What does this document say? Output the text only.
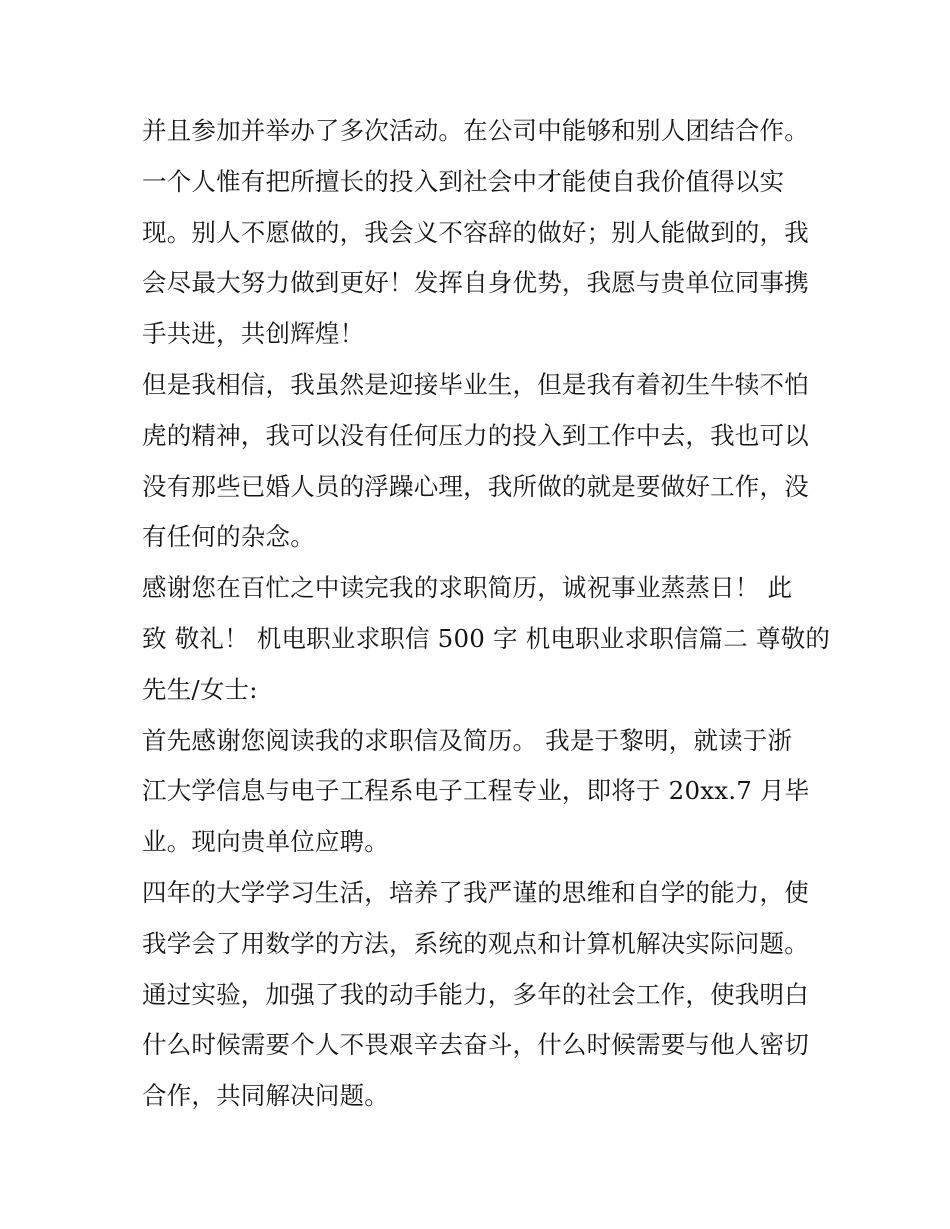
并且参加并举办了多次活动。在公司中能够和别人团结合作。
一个人惟有把所擅长的投入到社会中才能使自我价值得以实
现。别人不愿做的，我会义不容辞的做好；别人能做到的，我
会尽最大努力做到更好！发挥自身优势，我愿与贵单位同事携
手共进，共创辉煌！
但是我相信，我虽然是迎接毕业生，但是我有着初生牛犊不怕
虎的精神，我可以没有任何压力的投入到工作中去，我也可以
没有那些已婚人员的浮躁心理，我所做的就是要做好工作，没
有任何的杂念。
感谢您在百忙之中读完我的求职简历，诚祝事业蒸蒸日！ 此
致 敬礼！ 机电职业求职信 500 字 机电职业求职信篇二 尊敬的
先生/女士:
首先感谢您阅读我的求职信及简历。 我是于黎明，就读于浙
江大学信息与电子工程系电子工程专业，即将于 20xx.7 月毕
业。现向贵单位应聘。
四年的大学学习生活，培养了我严谨的思维和自学的能力，使
我学会了用数学的方法，系统的观点和计算机解决实际问题。
通过实验，加强了我的动手能力，多年的社会工作，使我明白
什么时候需要个人不畏艰辛去奋斗，什么时候需要与他人密切
合作，共同解决问题。
